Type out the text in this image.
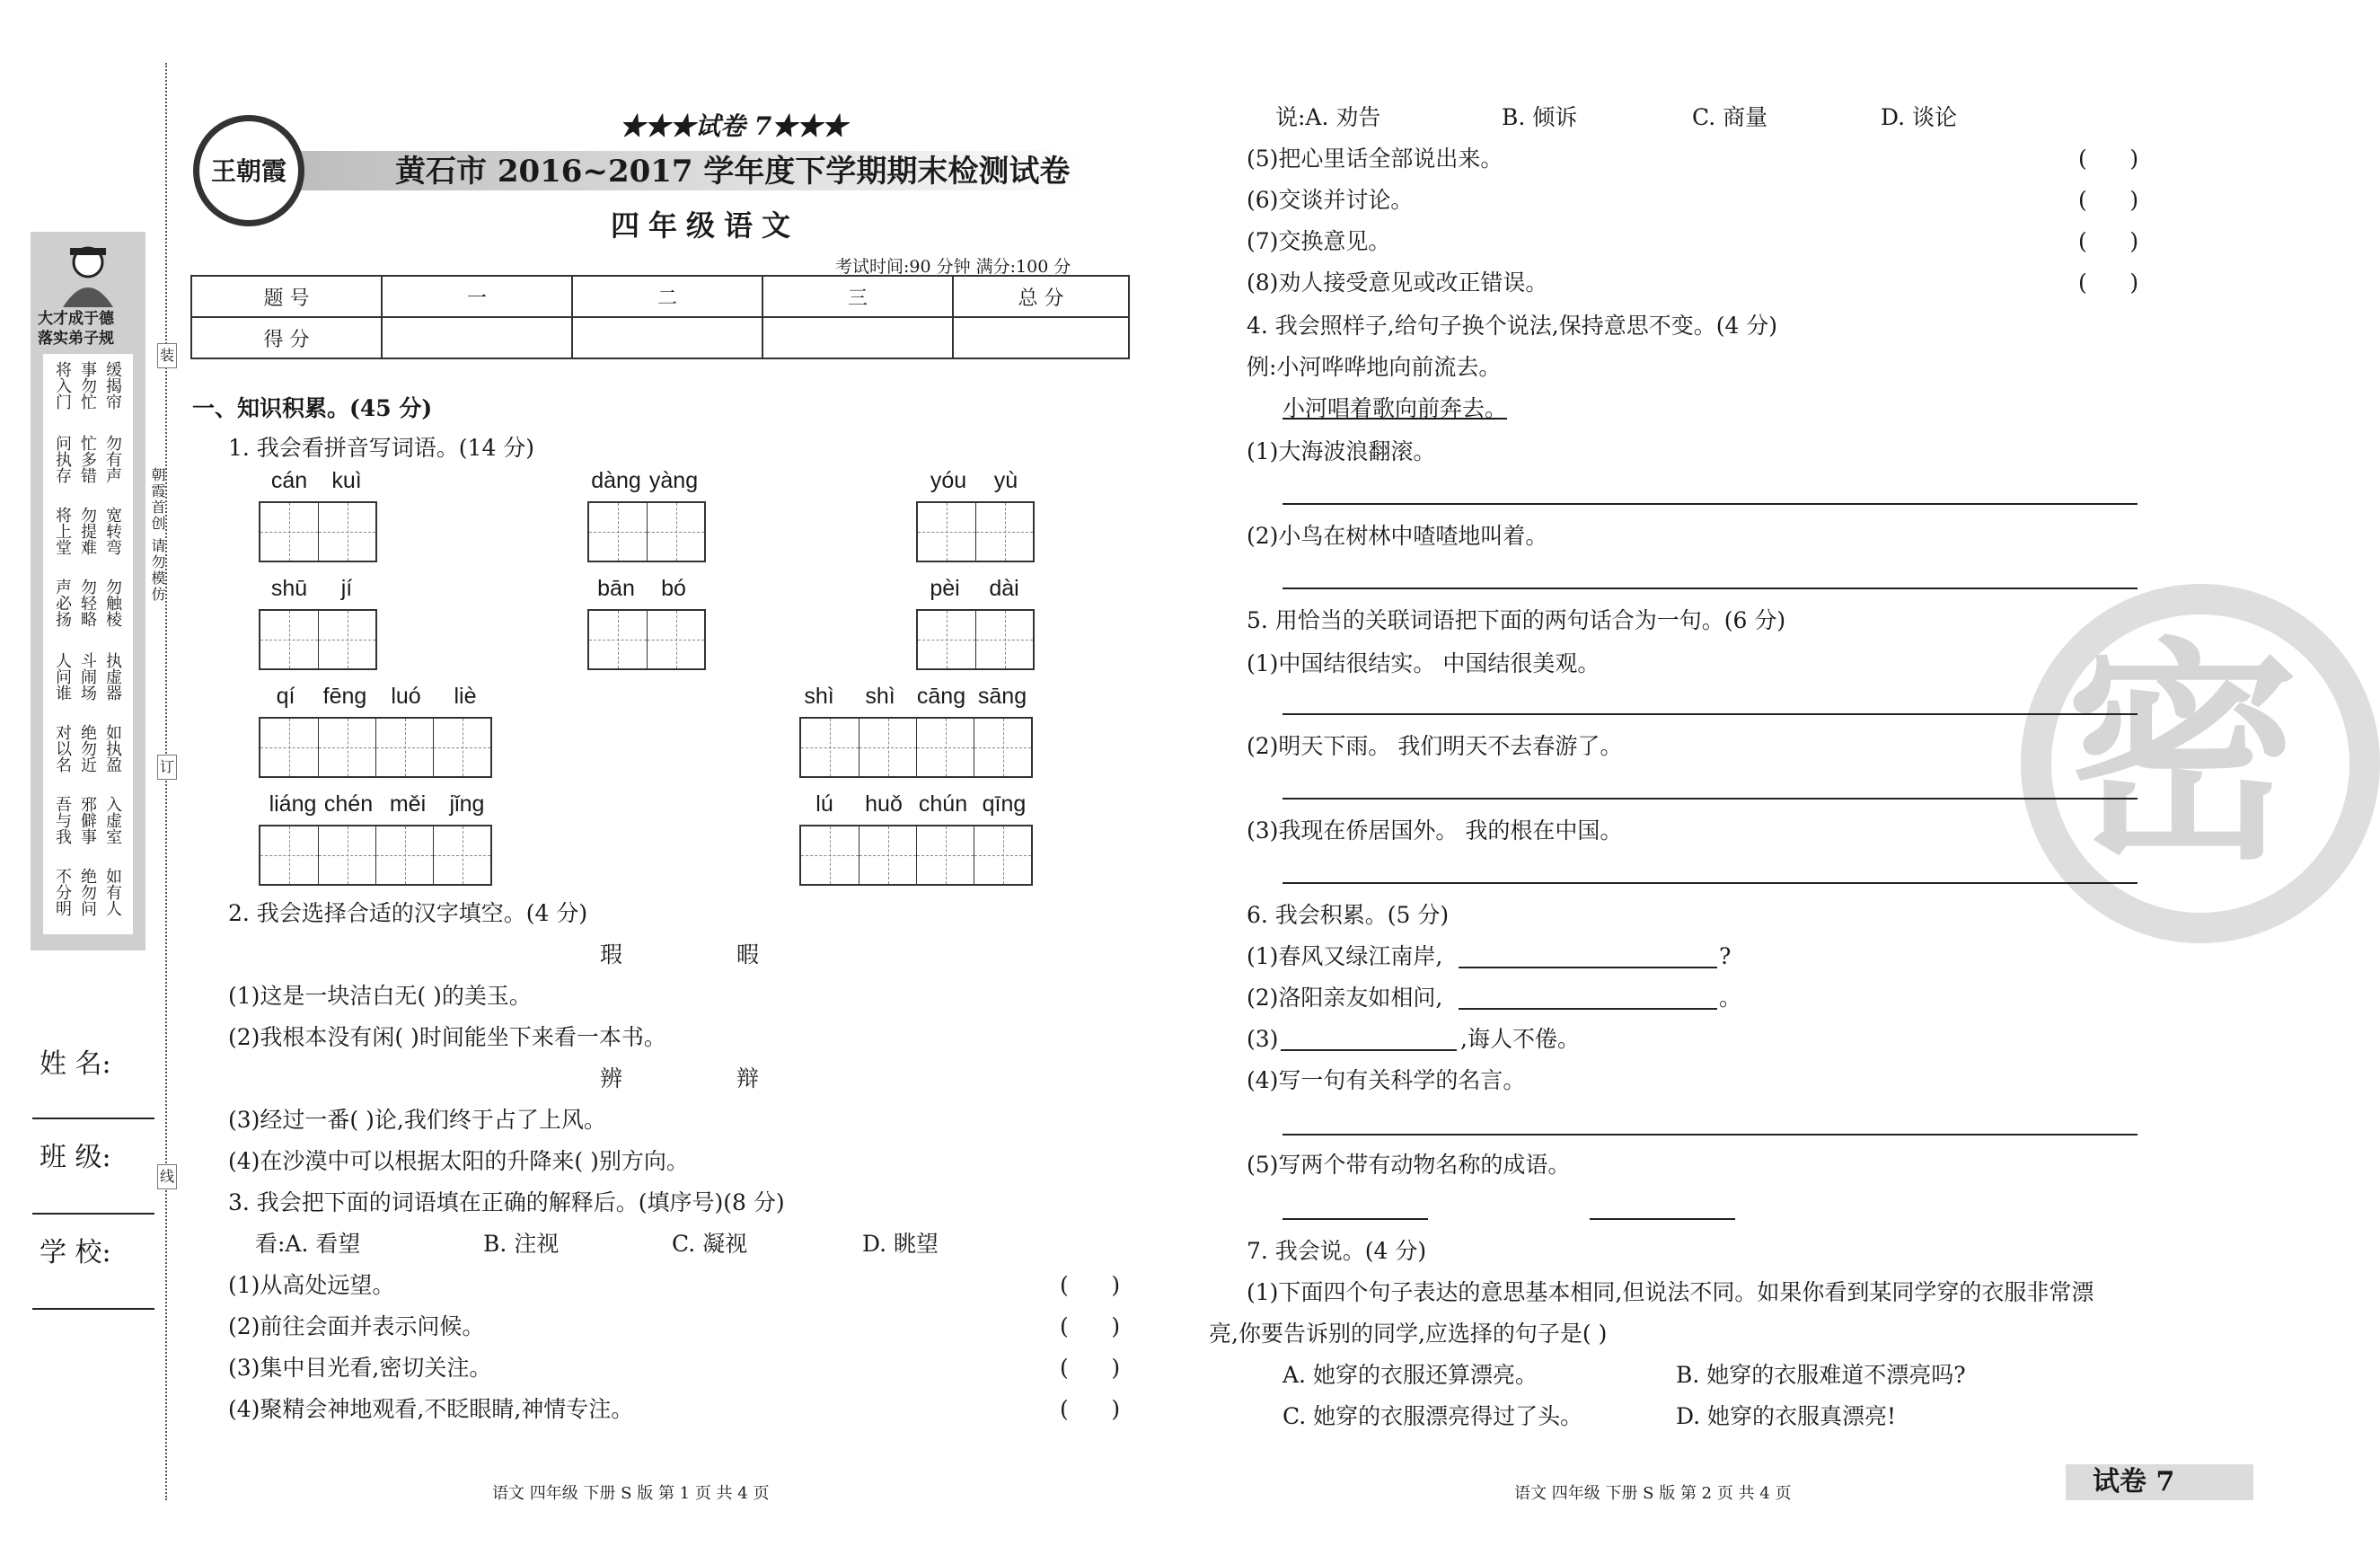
大才成于德
落实弟子规
将入门 事勿忙 缓揭帘
问执存 忙多错 勿有声
将上堂 勿提难 宽转弯
声必扬 勿轻略 勿触棱
人问谁 斗闹场 执虚器
对以名 绝勿近 如执盈
吾与我 邪僻事 入虚室
不分明 绝勿问 如有人
装
订
线
朝霞首创 请勿模仿
姓 名:
班 级:
学 校:
王朝霞
★★★试卷 7★★★
黄石市 2016~2017 学年度下学期期末检测试卷
四年级语文
考试时间:90 分钟 满分:100 分
题 号	一	二	三	总 分
得 分				
一、知识积累。(45 分)
1. 我会看拼音写词语。(14 分)
cán	kuì	dàng yàng	yóu	yù
shū	jí	bān	bó	pèi	dài
qí	fēng	luó	liè	shì	shì cāng sāng
liáng chén měi	jǐng	lú	huǒ chún qīng
2. 我会选择合适的汉字填空。(4 分)
瑕	暇
(1)这是一块洁白无( )的美玉。
(2)我根本没有闲( )时间能坐下来看一本书。
辨	辩
(3)经过一番( )论,我们终于占了上风。
(4)在沙漠中可以根据太阳的升降来( )别方向。
3. 我会把下面的词语填在正确的解释后。(填序号)(8 分)
看:A. 看望	B. 注视	C. 凝视	D. 眺望
(1)从高处远望。	(      )
(2)前往会面并表示问候。	(      )
(3)集中目光看,密切关注。	(      )
(4)聚精会神地观看,不眨眼睛,神情专注。	(      )
密
说:A. 劝告	B. 倾诉	C. 商量	D. 谈论
(5)把心里话全部说出来。	(      )
(6)交谈并讨论。	(      )
(7)交换意见。	(      )
(8)劝人接受意见或改正错误。	(      )
4. 我会照样子,给句子换个说法,保持意思不变。(4 分)
例:小河哗哗地向前流去。
小河唱着歌向前奔去。
(1)大海波浪翻滚。
(2)小鸟在树林中喳喳地叫着。
5. 用恰当的关联词语把下面的两句话合为一句。(6 分)
(1)中国结很结实。 中国结很美观。
(2)明天下雨。 我们明天不去春游了。
(3)我现在侨居国外。 我的根在中国。
6. 我会积累。(5 分)
(1)春风又绿江南岸,	?
(2)洛阳亲友如相问,	。
(3)	,诲人不倦。
(4)写一句有关科学的名言。
(5)写两个带有动物名称的成语。
7. 我会说。(4 分)
(1)下面四个句子表达的意思基本相同,但说法不同。如果你看到某同学穿的衣服非常漂
亮,你要告诉别的同学,应选择的句子是( )
A. 她穿的衣服还算漂亮。	B. 她穿的衣服难道不漂亮吗?
C. 她穿的衣服漂亮得过了头。	D. 她穿的衣服真漂亮!
语文 四年级 下册 S 版 第 1 页 共 4 页	语文 四年级 下册 S 版 第 2 页 共 4 页	试卷 7
